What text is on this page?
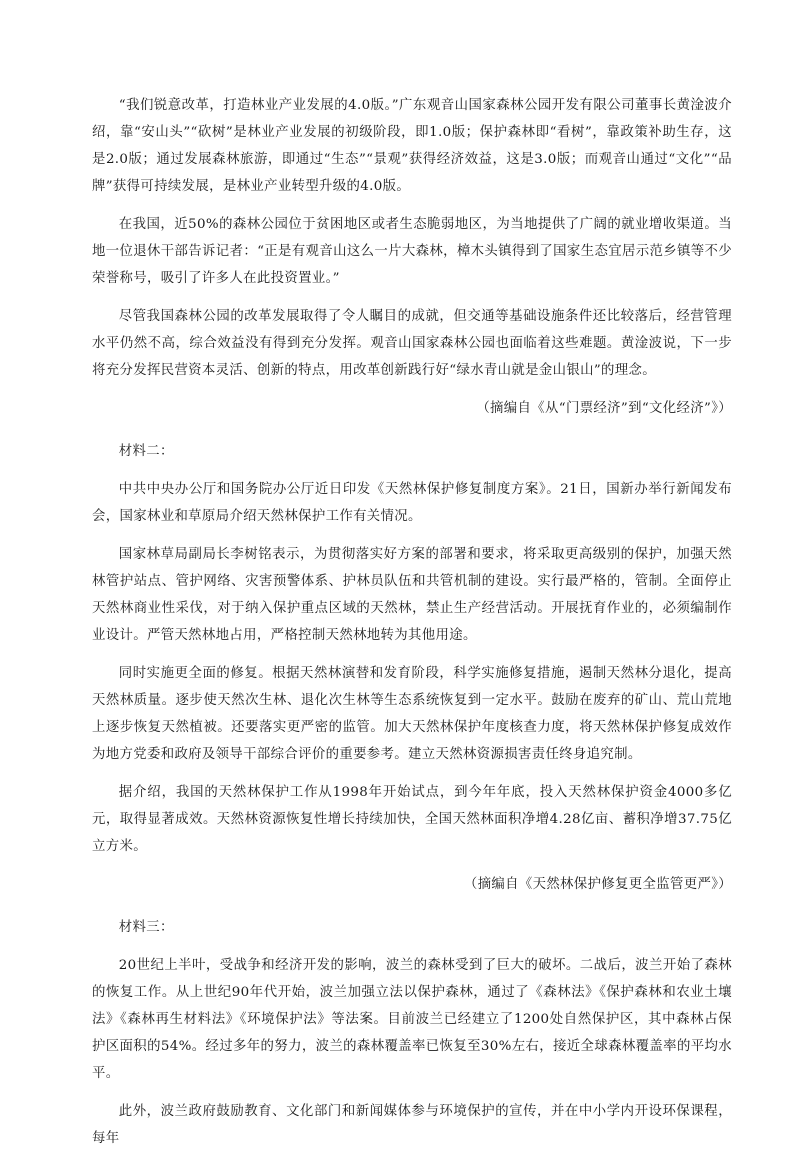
“我们锐意改革，打造林业产业发展的4.0版。”广东观音山国家森林公园开发有限公司董事长黄淦波介绍，靠“安山头”“砍树”是林业产业发展的初级阶段，即1.0版；保护森林即“看树”，靠政策补助生存，这是2.0版；通过发展森林旅游，即通过“生态”“景观”获得经济效益，这是3.0版；而观音山通过“文化”“品牌”获得可持续发展，是林业产业转型升级的4.0版。

在我国，近50%的森林公园位于贫困地区或者生态脆弱地区，为当地提供了广阔的就业增收渠道。当地一位退休干部告诉记者：“正是有观音山这么一片大森林，樟木头镇得到了国家生态宜居示范乡镇等不少荣誉称号，吸引了许多人在此投资置业。”

尽管我国森林公园的改革发展取得了令人瞩目的成就，但交通等基础设施条件还比较落后，经营管理水平仍然不高，综合效益没有得到充分发挥。观音山国家森林公园也面临着这些难题。黄淦波说，下一步将充分发挥民营资本灵活、创新的特点，用改革创新践行好“绿水青山就是金山银山”的理念。

（摘编自《从“门票经济”到“文化经济”》）

材料二：

中共中央办公厅和国务院办公厅近日印发《天然林保护修复制度方案》。21日，国新办举行新闻发布会，国家林业和草原局介绍天然林保护工作有关情况。

国家林草局副局长李树铭表示，为贯彻落实好方案的部署和要求，将采取更高级别的保护，加强天然林管护站点、管护网络、灾害预警体系、护林员队伍和共管机制的建设。实行最严格的，管制。全面停止天然林商业性采伐，对于纳入保护重点区域的天然林，禁止生产经营活动。开展抚育作业的，必须编制作业设计。严管天然林地占用，严格控制天然林地转为其他用途。

同时实施更全面的修复。根据天然林演替和发育阶段，科学实施修复措施，遏制天然林分退化，提高天然林质量。逐步使天然次生林、退化次生林等生态系统恢复到一定水平。鼓励在废弃的矿山、荒山荒地上逐步恢复天然植被。还要落实更严密的监管。加大天然林保护年度核查力度，将天然林保护修复成效作为地方党委和政府及领导干部综合评价的重要参考。建立天然林资源损害责任终身追究制。

据介绍，我国的天然林保护工作从1998年开始试点，到今年年底，投入天然林保护资金4000多亿元，取得显著成效。天然林资源恢复性增长持续加快，全国天然林面积净增4.28亿亩、蓄积净增37.75亿立方米。

（摘编自《天然林保护修复更全监管更严》）

材料三：

20世纪上半叶，受战争和经济开发的影响，波兰的森林受到了巨大的破坏。二战后，波兰开始了森林的恢复工作。从上世纪90年代开始，波兰加强立法以保护森林，通过了《森林法》《保护森林和农业土壤法》《森林再生材料法》《环境保护法》等法案。目前波兰已经建立了1200处自然保护区，其中森林占保护区面积的54%。经过多年的努力，波兰的森林覆盖率已恢复至30%左右，接近全球森林覆盖率的平均水平。

此外，波兰政府鼓励教育、文化部门和新闻媒体参与环境保护的宣传，并在中小学内开设环保课程，每年
